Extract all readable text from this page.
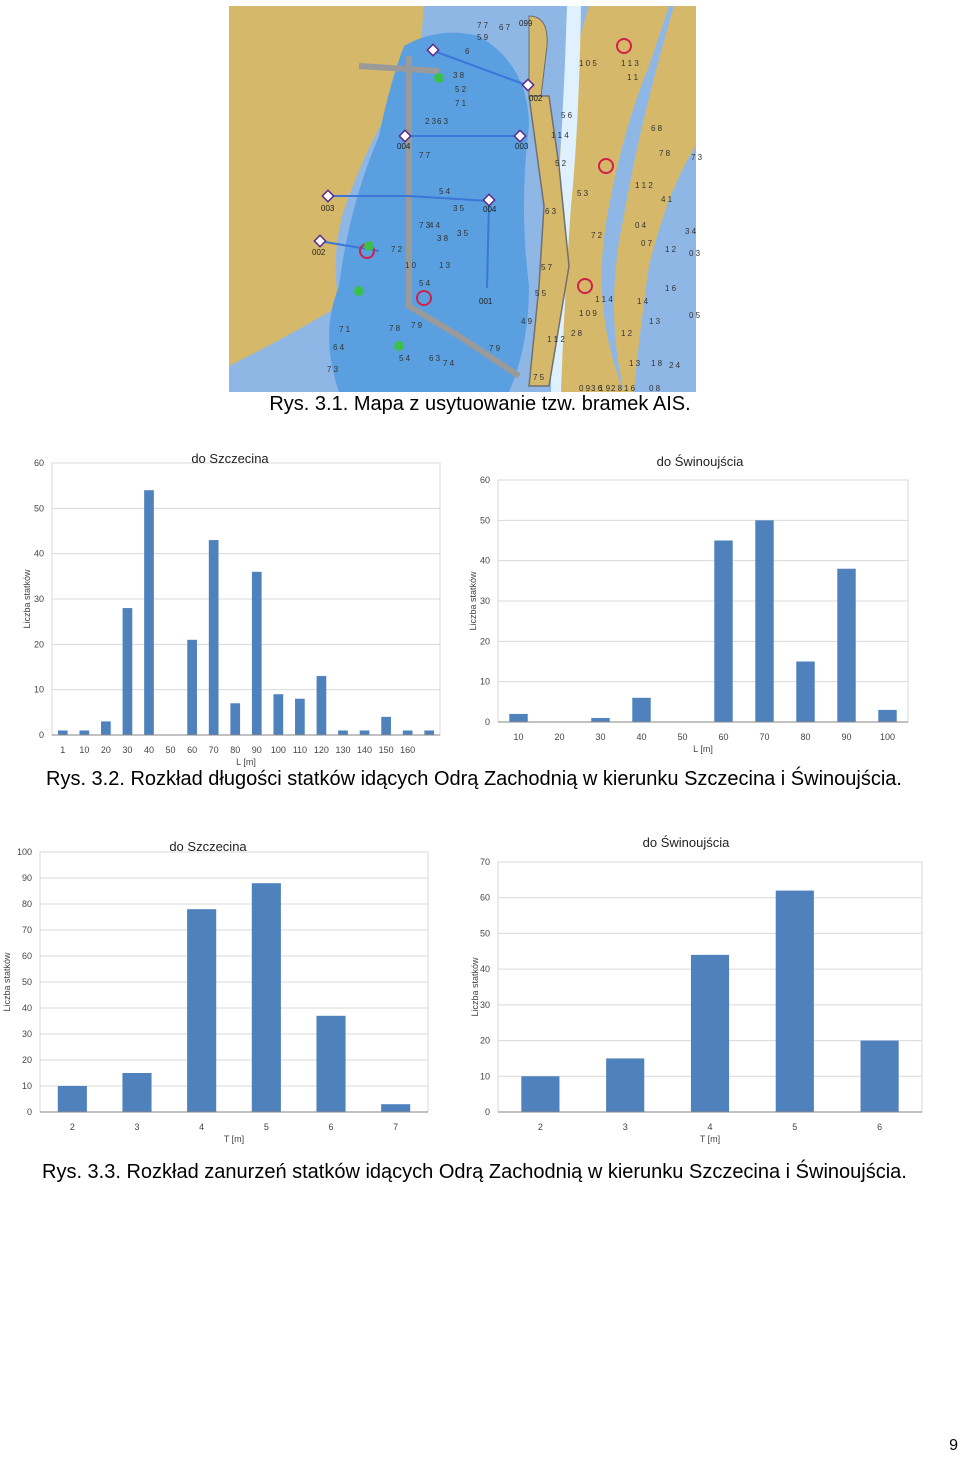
099
002
003
004
003	004
002
001
7 7 6 7
5 9
6
3 8
5 2
7 1
2 3 6 3
7 7
5 4
3 5
7 3
4 4
3 8
3 5
7 2
1 3
5 4
1 0	5 7
5 5
4 9
7 1
6 4
7 3
7 8 7 9
5 4 6 3
7 4
7 9
7 5
6 3
1 1 4
5 6
5 2
5 3
7 2
1 1 4
2 8
1 0 9
1 1 2
1 0 5	1 1 3
1 1
6 8
7 8	7 3
1 1 2
4 1
3 4
0 4
0 7
1 2 0 3
1 4
1 6
0 5
1 3
1 2
1 3 1 8 2 4
0 8
3 6
1 9 2 8 1 6
0 9
Rys. 3.1. Mapa z usytuowanie tzw. bramek AIS.
0
10
20
30
40
50
60
1 10 20 30 40 50 60 70 80 90 100 110 120 130 140 150 160
L [m]
do Szczecina
Liczba statków
0
10
20
30
40
50
60
10	20	30	40	50	60	70	80	90	100
L [m]
do Świnoujścia
Liczba statków
Rys. 3.2. Rozkład długości statków idących Odrą Zachodnią w kierunku Szczecina i Świnoujścia.
0
10
20
30
40
50
60
70
80
90
100
2	3	4	5	6	7
T [m]
do Szczecina
Liczba statków
0
10
20
30
40
50
60
70
2	3	4	5	6
T [m]
do Świnoujścia
Liczba statków
Rys. 3.3. Rozkład zanurzeń statków idących Odrą Zachodnią w kierunku Szczecina i Świnoujścia.
9
